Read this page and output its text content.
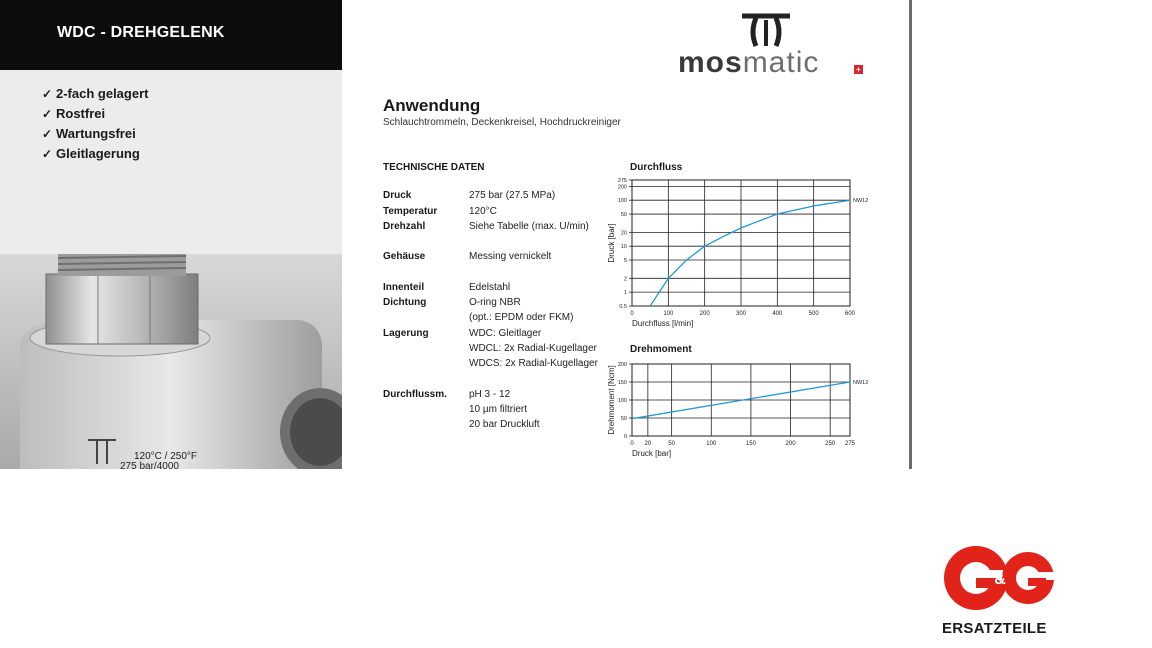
WDC - DREHGELENK
✓ 2-fach gelagert
✓ Rostfrei
✓ Wartungsfrei
✓ Gleitlagerung
120°C / 250°F
275 bar/4000
mosmatic	+
Anwendung
Schlauchtrommeln, Deckenkreisel, Hochdruckreiniger
TECHNISCHE DATEN
Druck	275 bar (27.5 MPa)
Temperatur	120°C
Drehzahl	Siehe Tabelle (max. U/min)
Gehäuse	Messing vernickelt
Innenteil	Edelstahl
Dichtung	O-ring NBR
(opt.: EPDM oder FKM)
Lagerung	WDC: Gleitlager
WDCL: 2x Radial-Kugellager
WDCS: 2x Radial-Kugellager
Durchflussm. pH 3 - 12
10 µm filtriert
20 bar Druckluft
Durchfluss
0	100	200	300	400	500	600
0.5
1
2
5
10
20
50
100
200
275
NW12
Durchfluss [l/min]
Druck [bar]
Drehmoment
0 20	50	100	150	200	250 275
0
50
100
150
200
NW12
Druck [bar]
Drehmoment [Ncm]
&
ERSATZTEILE
